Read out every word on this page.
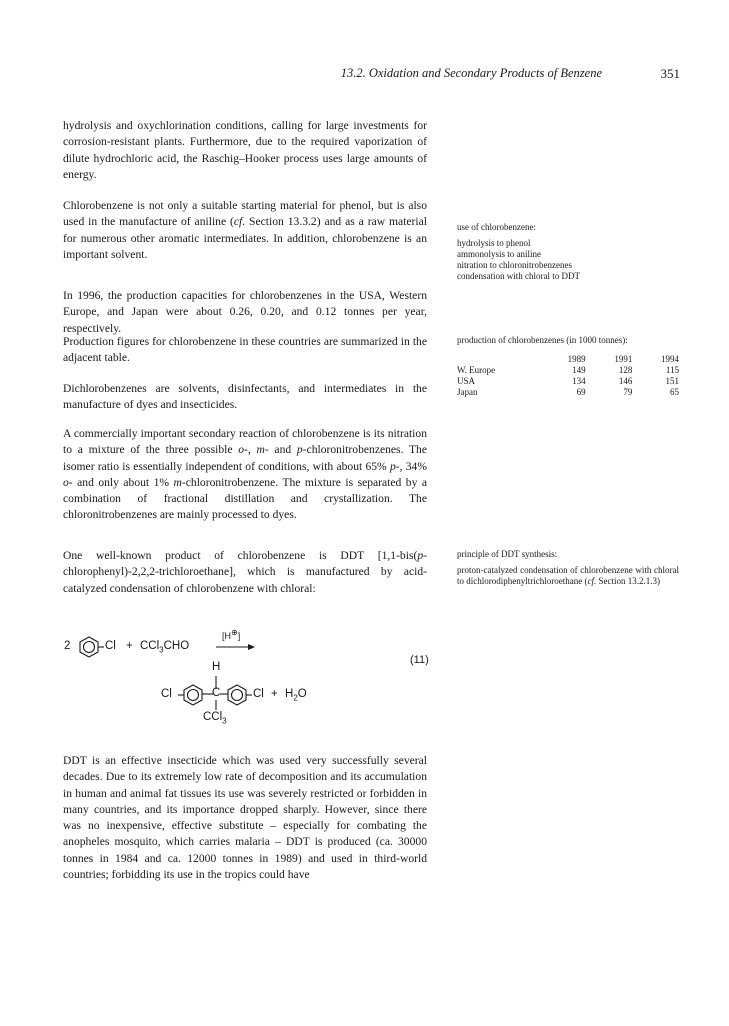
13.2. Oxidation and Secondary Products of Benzene	351

hydrolysis and oxychlorination conditions, calling for large investments for corrosion-resistant plants. Furthermore, due to the required vaporization of dilute hydrochloric acid, the Raschig–Hooker process uses large amounts of energy.

Chlorobenzene is not only a suitable starting material for phenol, but is also used in the manufacture of aniline (cf. Section 13.3.2) and as a raw material for numerous other aromatic intermediates. In addition, chlorobenzene is an important solvent.

In 1996, the production capacities for chlorobenzenes in the USA, Western Europe, and Japan were about 0.26, 0.20, and 0.12 tonnes per year, respectively.

Production figures for chlorobenzene in these countries are summarized in the adjacent table.

Dichlorobenzenes are solvents, disinfectants, and intermediates in the manufacture of dyes and insecticides.

A commercially important secondary reaction of chlorobenzene is its nitration to a mixture of the three possible o-, m- and p-chloronitrobenzenes. The isomer ratio is essentially independent of conditions, with about 65% p-, 34% o- and only about 1% m-chloronitrobenzene. The mixture is separated by a combination of fractional distillation and crystallization. The chloronitrobenzenes are mainly processed to dyes.

One well-known product of chlorobenzene is DDT [1,1-bis(p-chlorophenyl)-2,2,2-trichloroethane], which is manufactured by acid-catalyzed condensation of chlorobenzene with chloral:

2	Cl + CCl$_3$CHO
[H⊕]
H
Cl	C	$Cl + H_2O$
CCl$_3$
(11)

DDT is an effective insecticide which was used very successfully several decades. Due to its extremely low rate of decomposition and its accumulation in human and animal fat tissues its use was severely restricted or forbidden in many countries, and its importance dropped sharply. However, since there was no inexpensive, effective substitute – especially for combating the anopheles mosquito, which carries malaria – DDT is produced (ca. 30000 tonnes in 1984 and ca. 12000 tonnes in 1989) and used in third-world countries; forbidding its use in the tropics could have

use of chlorobenzene:
hydrolysis to phenol
ammonolysis to aniline
nitration to chloronitrobenzenes
condensation with chloral to DDT
production of chlorobenzenes (in 1000 tonnes):
	1989	1991	1994
W. Europe	149	128	115
USA	134	146	151
Japan	69	79	65
principle of DDT synthesis:
proton-catalyzed condensation of chlorobenzene with chloral to dichlorodiphenyltrichloroethane (cf. Section 13.2.1.3)
